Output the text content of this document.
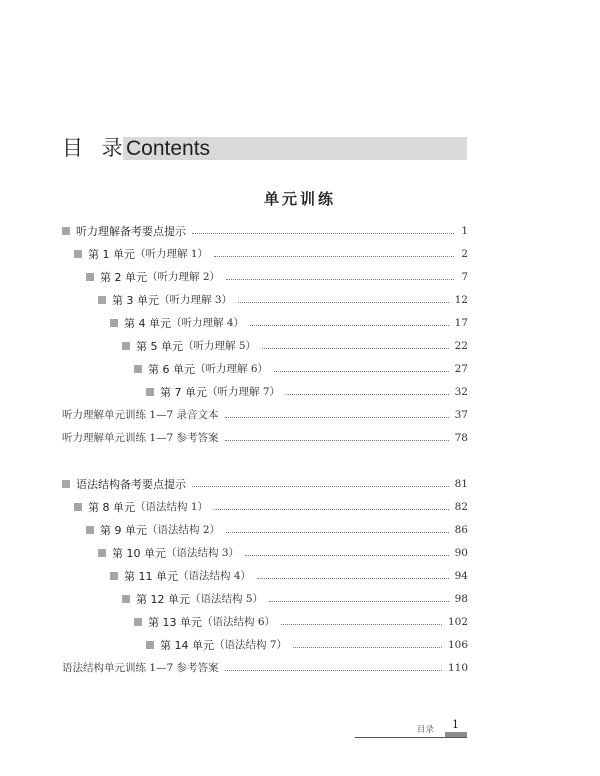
目 录
Contents
单元训练
听力理解备考要点提示	1
第 1 单元 （听力理解 1）	2
第 2 单元 （听力理解 2）	7
第 3 单元 （听力理解 3）	12
第 4 单元 （听力理解 4）	17
第 5 单元 （听力理解 5）	22
第 6 单元 （听力理解 6）	27
第 7 单元 （听力理解 7）	32
听力理解单元训练 1—7 录音文本	37
听力理解单元训练 1—7 参考答案	78
语法结构备考要点提示	81
第 8 单元 （语法结构 1）	82
第 9 单元 （语法结构 2）	86
第 10 单元 （语法结构 3）	90
第 11 单元 （语法结构 4）	94
第 12 单元 （语法结构 5）	98
第 13 单元 （语法结构 6）	102
第 14 单元 （语法结构 7）	106
语法结构单元训练 1—7 参考答案	110
目录 1
